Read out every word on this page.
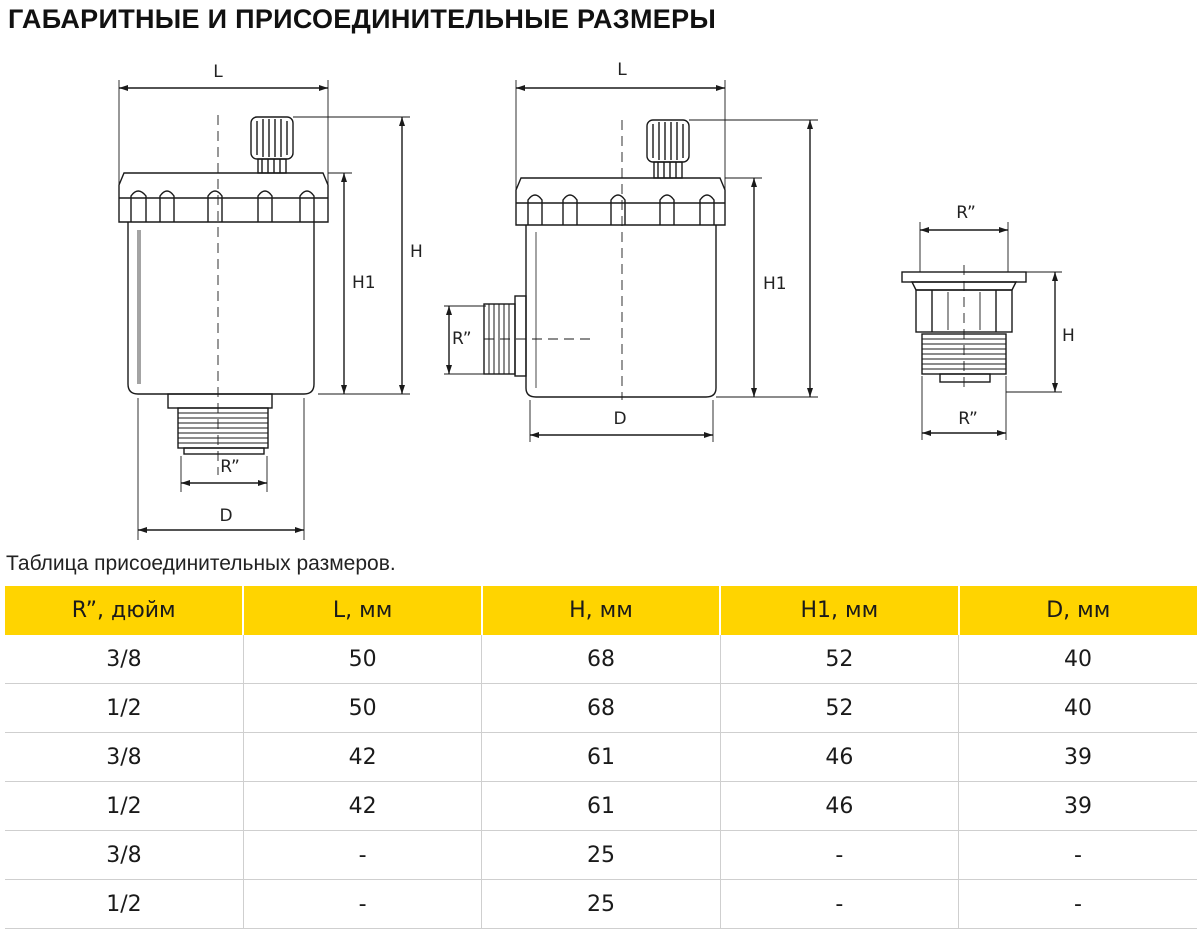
ГАБАРИТНЫЕ И ПРИСОЕДИНИТЕЛЬНЫЕ РАЗМЕРЫ
L
R”
D
H1
H
L
R”
D
H1
R”
H
R”
Таблица присоединительных размеров.
R”, дюйм	L, мм	H, мм	H1, мм	D, мм
3/8	50	68	52	40
1/2	50	68	52	40
3/8	42	61	46	39
1/2	42	61	46	39
3/8	-	25	-	-
1/2	-	25	-	-
